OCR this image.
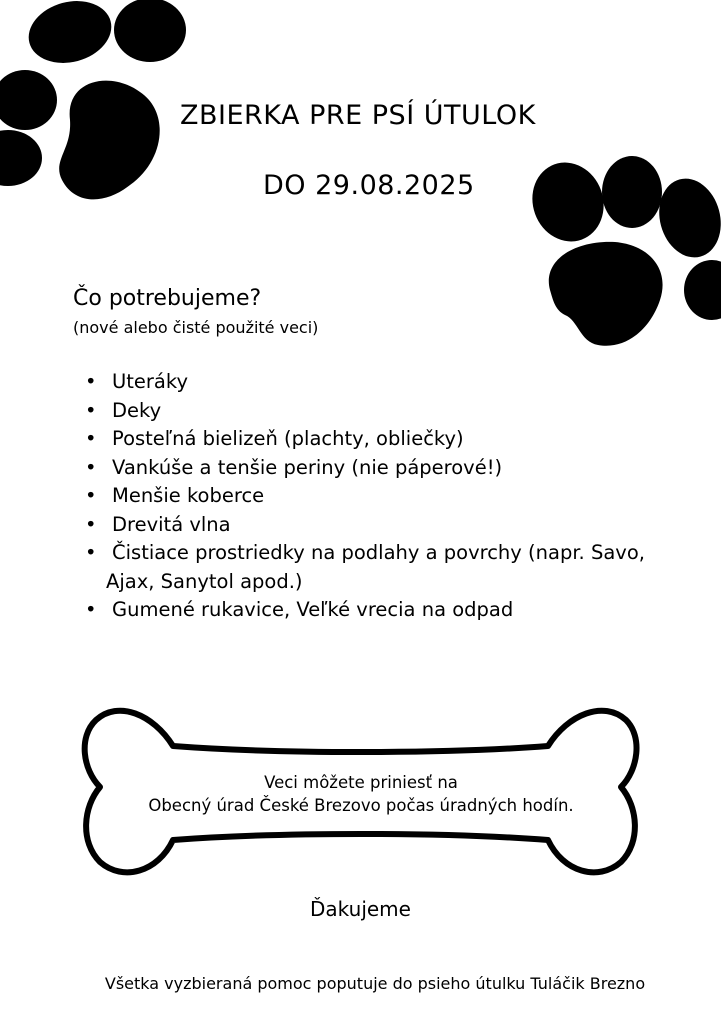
ZBIERKA PRE PSÍ ÚTULOK
DO 29.08.2025
Čo potrebujeme?
(nové alebo čisté použité veci)
• Uteráky
• Deky
• Posteľná bielizeň (plachty, obliečky)
• Vankúše a tenšie periny (nie páperové!)
• Menšie koberce
• Drevitá vlna
• Čistiace prostriedky na podlahy a povrchy (napr. Savo,
Ajax, Sanytol apod.)
• Gumené rukavice, Veľké vrecia na odpad
Veci môžete priniesť na
Obecný úrad České Brezovo počas úradných hodín.
Ďakujeme
Všetka vyzbieraná pomoc poputuje do psieho útulku Tuláčik Brezno
